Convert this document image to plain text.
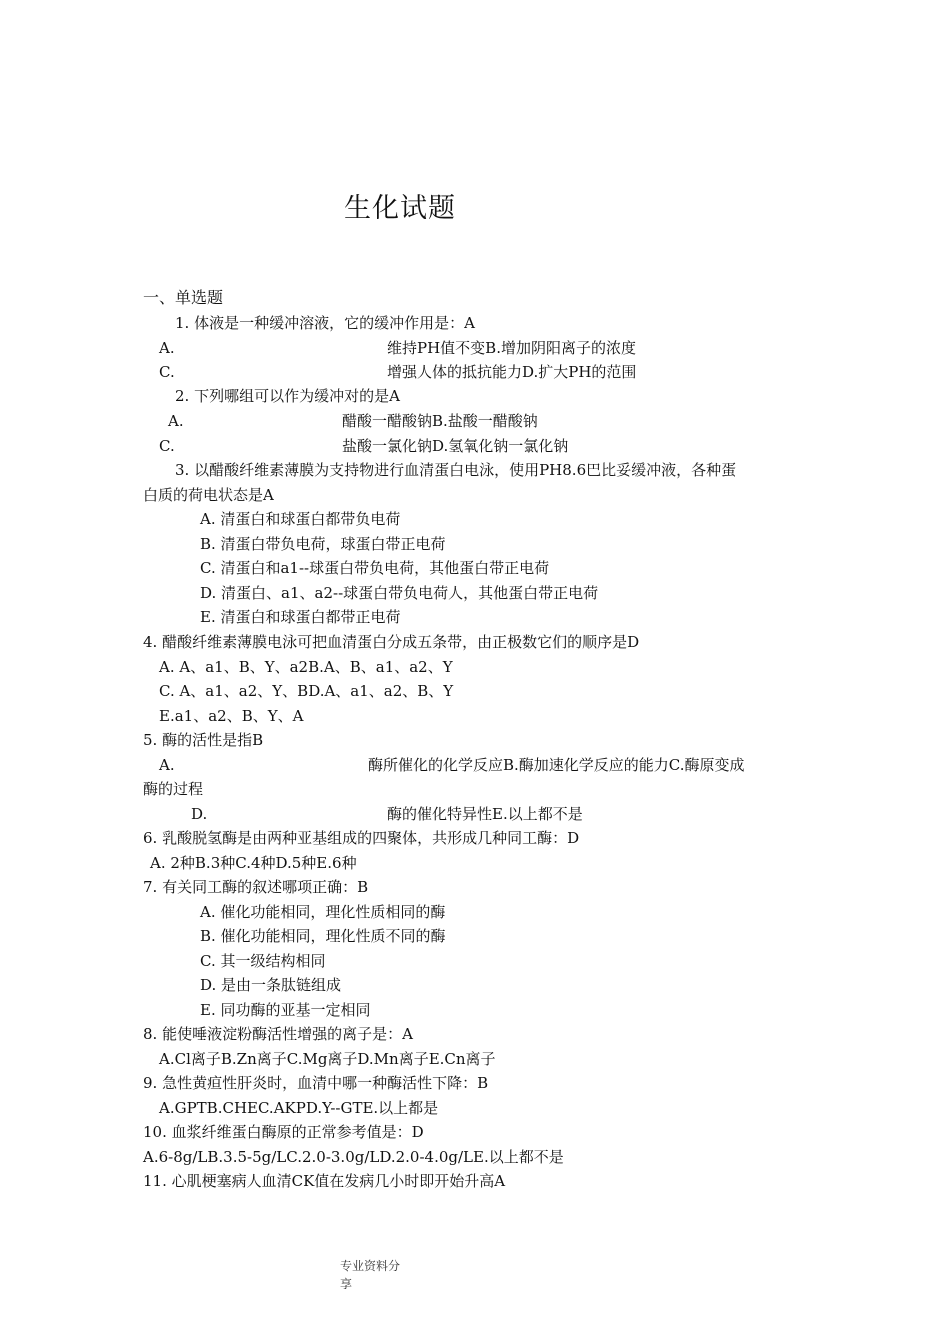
生化试题
一、单选题
1. 体液是一种缓冲溶液，它的缓冲作用是：A
A.	维持PH值不变B.增加阴阳离子的浓度
C.	增强人体的抵抗能力D.扩大PH的范围
2. 下列哪组可以作为缓冲对的是A
A.	醋酸一醋酸钠B.盐酸一醋酸钠
C.	盐酸一氯化钠D.氢氧化钠一氯化钠
3. 以醋酸纤维素薄膜为支持物进行血清蛋白电泳，使用PH8.6巴比妥缓冲液，各种蛋
白质的荷电状态是A
A. 清蛋白和球蛋白都带负电荷
B. 清蛋白带负电荷，球蛋白带正电荷
C. 清蛋白和a1--球蛋白带负电荷，其他蛋白带正电荷
D. 清蛋白、a1、a2--球蛋白带负电荷人，其他蛋白带正电荷
E. 清蛋白和球蛋白都带正电荷
4. 醋酸纤维素薄膜电泳可把血清蛋白分成五条带，由正极数它们的顺序是D
A. A、a1、B、Y、a2B.A、B、a1、a2、Y
C. A、a1、a2、Y、BD.A、a1、a2、B、Y
E.a1、a2、B、Y、A
5. 酶的活性是指B
A.	酶所催化的化学反应B.酶加速化学反应的能力C.酶原变成
酶的过程
D.	酶的催化特异性E.以上都不是
6. 乳酸脱氢酶是由两种亚基组成的四聚体，共形成几种同工酶：D
A. 2种B.3种C.4种D.5种E.6种
7. 有关同工酶的叙述哪项正确：B
A. 催化功能相同，理化性质相同的酶
B. 催化功能相同，理化性质不同的酶
C. 其一级结构相同
D. 是由一条肽链组成
E. 同功酶的亚基一定相同
8. 能使唾液淀粉酶活性增强的离子是：A
A.Cl离子B.Zn离子C.Mg离子D.Mn离子E.Cn离子
9. 急性黄疸性肝炎时，血清中哪一种酶活性下降：B
A.GPTB.CHEC.AKPD.Y--GTE.以上都是
10. 血浆纤维蛋白酶原的正常参考值是：D
A.6-8g/LB.3.5-5g/LC.2.0-3.0g/LD.2.0-4.0g/LE.以上都不是
11. 心肌梗塞病人血清CK值在发病几小时即开始升高A
专业资料分
享
